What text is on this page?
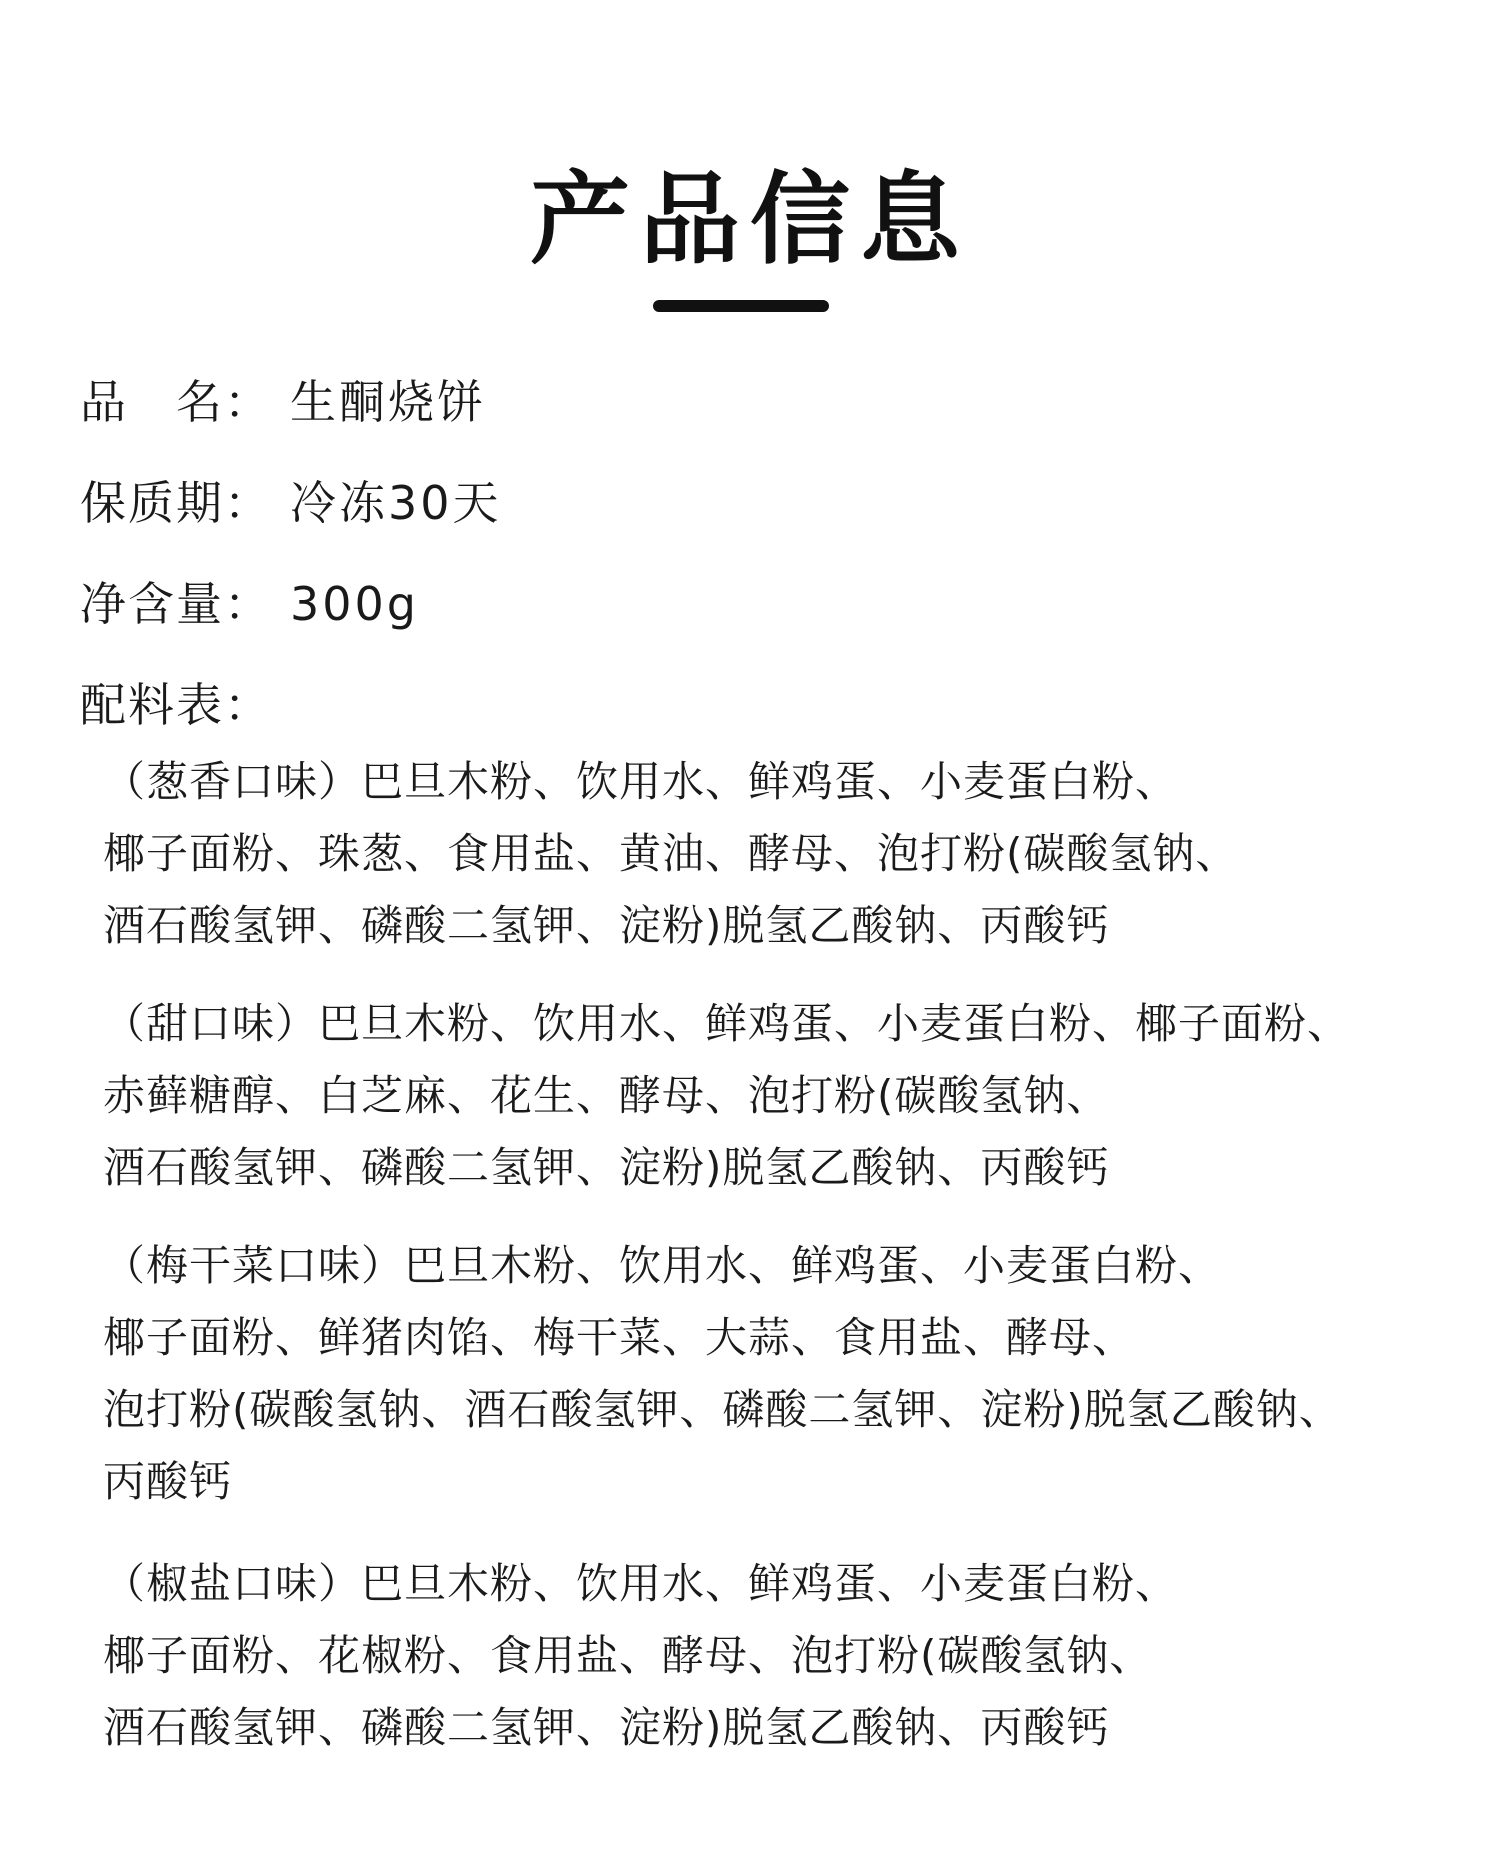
产品信息
品　名： 生酮烧饼
保质期： 冷冻30天
净含量： 300g
配料表：
（葱香口味）巴旦木粉、饮用水、鲜鸡蛋、小麦蛋白粉、
椰子面粉、珠葱、食用盐、黄油、酵母、泡打粉(碳酸氢钠、
酒石酸氢钾、磷酸二氢钾、淀粉)脱氢乙酸钠、丙酸钙
（甜口味）巴旦木粉、饮用水、鲜鸡蛋、小麦蛋白粉、椰子面粉、
赤藓糖醇、白芝麻、花生、酵母、泡打粉(碳酸氢钠、
酒石酸氢钾、磷酸二氢钾、淀粉)脱氢乙酸钠、丙酸钙
（梅干菜口味）巴旦木粉、饮用水、鲜鸡蛋、小麦蛋白粉、
椰子面粉、鲜猪肉馅、梅干菜、大蒜、食用盐、酵母、
泡打粉(碳酸氢钠、酒石酸氢钾、磷酸二氢钾、淀粉)脱氢乙酸钠、
丙酸钙
（椒盐口味）巴旦木粉、饮用水、鲜鸡蛋、小麦蛋白粉、
椰子面粉、花椒粉、食用盐、酵母、泡打粉(碳酸氢钠、
酒石酸氢钾、磷酸二氢钾、淀粉)脱氢乙酸钠、丙酸钙
